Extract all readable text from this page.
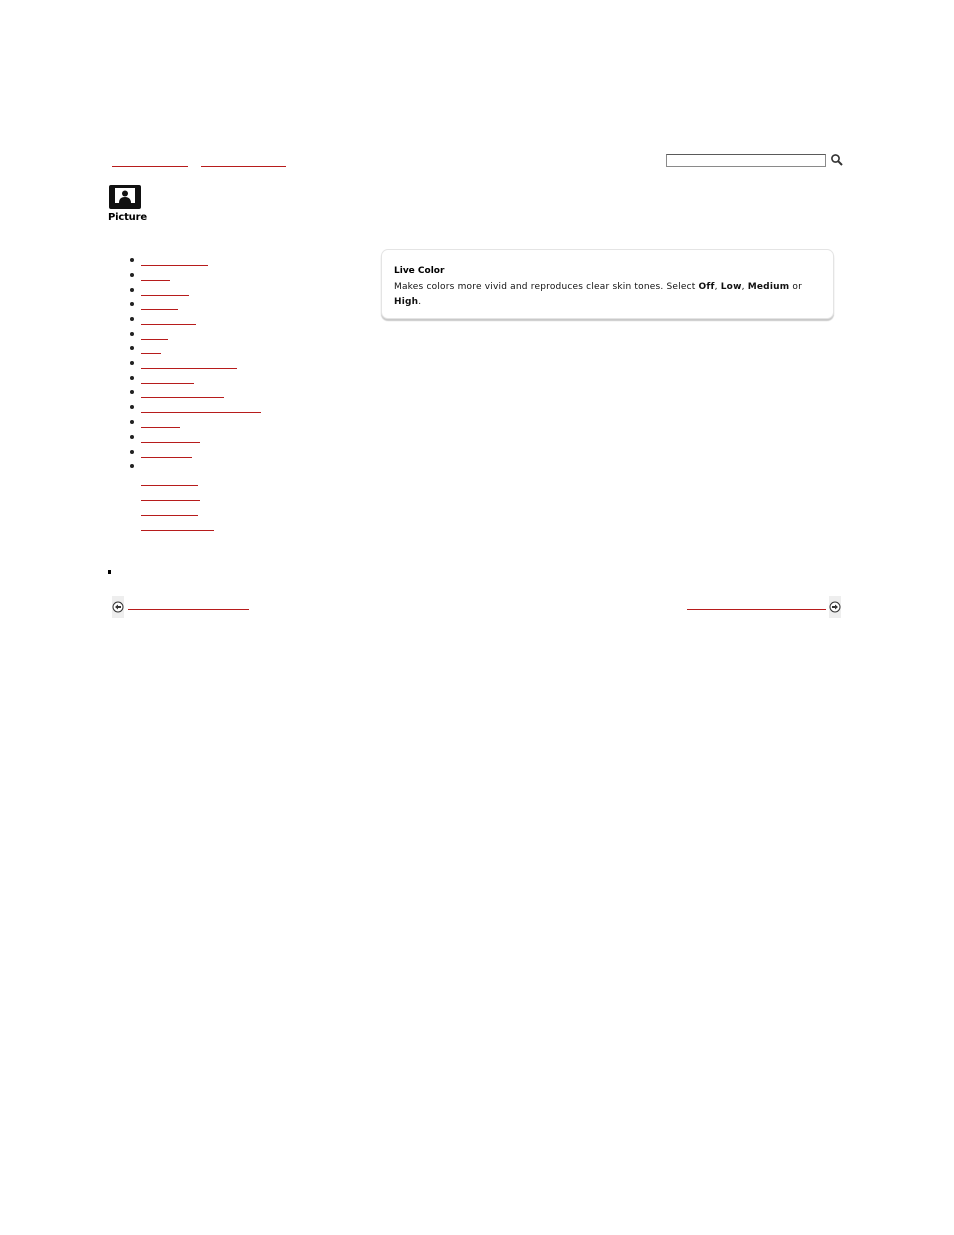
Picture
Live Color
Makes colors more vivid and reproduces clear skin tones. Select Off, Low, Medium or High.
